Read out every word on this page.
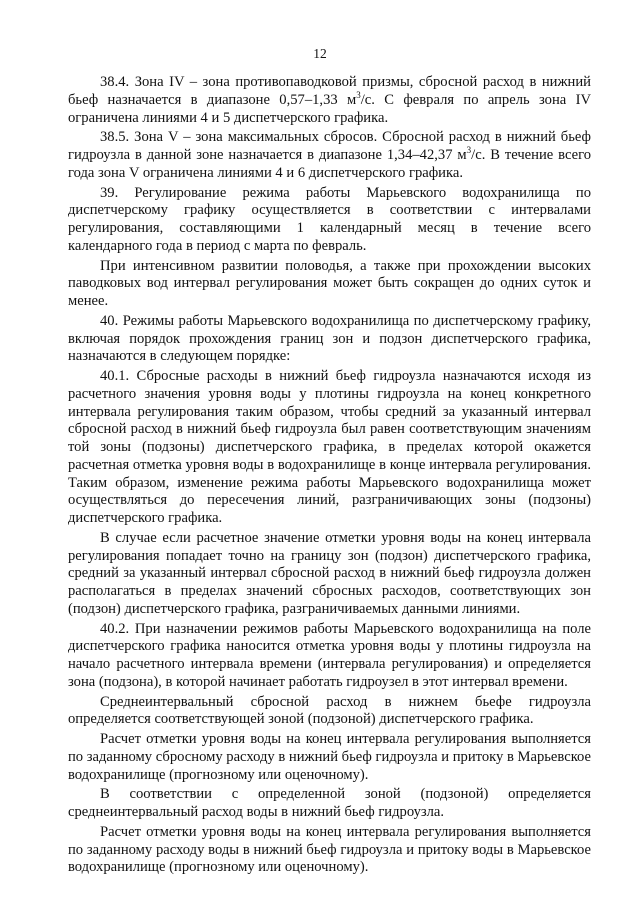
12

38.4. Зона IV – зона противопаводковой призмы, сбросной расход в нижний бьеф назначается в диапазоне 0,57–1,33 $м^3/с$. С февраля по апрель зона IV ограничена линиями 4 и 5 диспетчерского графика.

38.5. Зона V – зона максимальных сбросов. Сбросной расход в нижний бьеф гидроузла в данной зоне назначается в диапазоне 1,34–42,37 $м^3/с$. В течение всего года зона V ограничена линиями 4 и 6 диспетчерского графика.

39. Регулирование режима работы Марьевского водохранилища по диспетчерскому графику осуществляется в соответствии с интервалами регулирования, составляющими 1 календарный месяц в течение всего календарного года в период с марта по февраль.

При интенсивном развитии половодья, а также при прохождении высоких паводковых вод интервал регулирования может быть сокращен до одних суток и менее.

40. Режимы работы Марьевского водохранилища по диспетчерскому графику, включая порядок прохождения границ зон и подзон диспетчерского графика, назначаются в следующем порядке:

40.1. Сбросные расходы в нижний бьеф гидроузла назначаются исходя из расчетного значения уровня воды у плотины гидроузла на конец конкретного интервала регулирования таким образом, чтобы средний за указанный интервал сбросной расход в нижний бьеф гидроузла был равен соответствующим значениям той зоны (подзоны) диспетчерского графика, в пределах которой окажется расчетная отметка уровня воды в водохранилище в конце интервала регулирования. Таким образом, изменение режима работы Марьевского водохранилища может осуществляться до пересечения линий, разграничивающих зоны (подзоны) диспетчерского графика.

В случае если расчетное значение отметки уровня воды на конец интервала регулирования попадает точно на границу зон (подзон) диспетчерского графика, средний за указанный интервал сбросной расход в нижний бьеф гидроузла должен располагаться в пределах значений сбросных расходов, соответствующих зон (подзон) диспетчерского графика, разграничиваемых данными линиями.

40.2. При назначении режимов работы Марьевского водохранилища на поле диспетчерского графика наносится отметка уровня воды у плотины гидроузла на начало расчетного интервала времени (интервала регулирования) и определяется зона (подзона), в которой начинает работать гидроузел в этот интервал времени.

Среднеинтервальный сбросной расход в нижнем бьефе гидроузла определяется соответствующей зоной (подзоной) диспетчерского графика.

Расчет отметки уровня воды на конец интервала регулирования выполняется по заданному сбросному расходу в нижний бьеф гидроузла и притоку в Марьевское водохранилище (прогнозному или оценочному).

В соответствии с определенной зоной (подзоной) определяется среднеинтервальный расход воды в нижний бьеф гидроузла.

Расчет отметки уровня воды на конец интервала регулирования выполняется по заданному расходу воды в нижний бьеф гидроузла и притоку воды в Марьевское водохранилище (прогнозному или оценочному).
